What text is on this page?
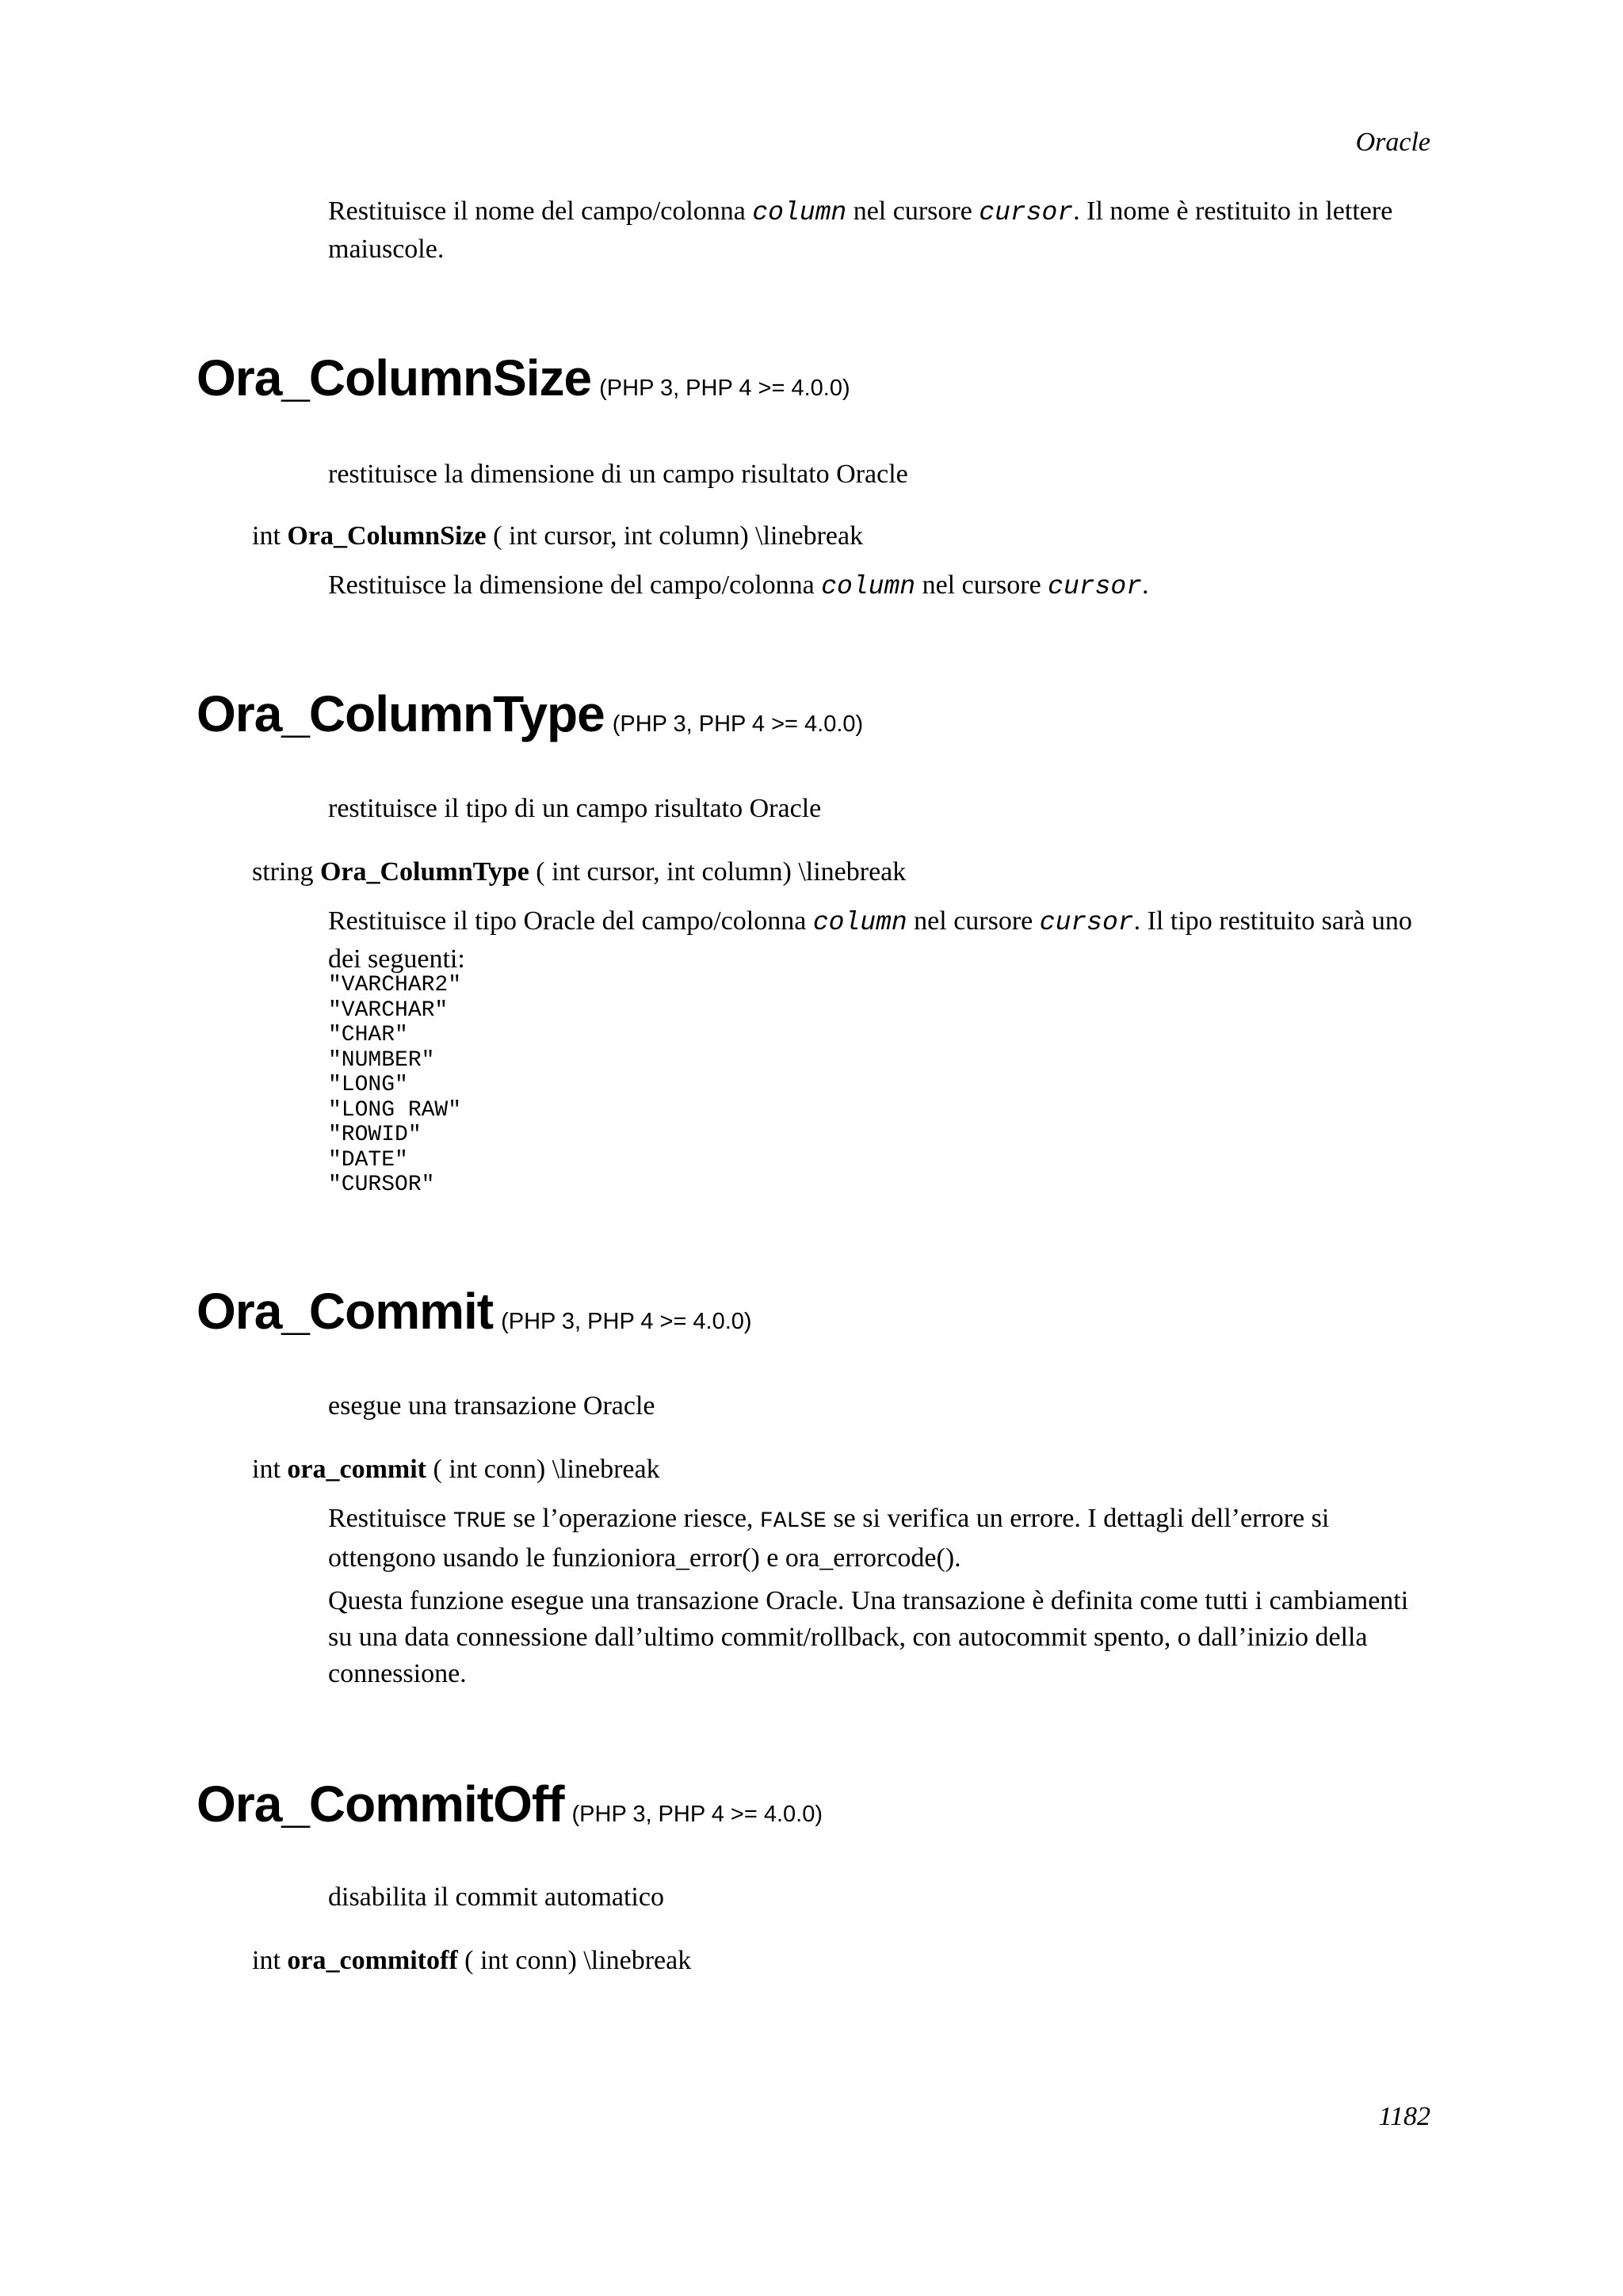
Oracle
Restituisce il nome del campo/colonna column nel cursore cursor. Il nome è restituito in lettere maiuscole.
Ora_ColumnSize (PHP 3, PHP 4 >= 4.0.0)
restituisce la dimensione di un campo risultato Oracle
int Ora_ColumnSize ( int cursor, int column) \linebreak
Restituisce la dimensione del campo/colonna column nel cursore cursor.
Ora_ColumnType (PHP 3, PHP 4 >= 4.0.0)
restituisce il tipo di un campo risultato Oracle
string Ora_ColumnType ( int cursor, int column) \linebreak
Restituisce il tipo Oracle del campo/colonna column nel cursore cursor. Il tipo restituito sarà uno dei seguenti:
"VARCHAR2"
"VARCHAR"
"CHAR"
"NUMBER"
"LONG"
"LONG RAW"
"ROWID"
"DATE"
"CURSOR"
Ora_Commit (PHP 3, PHP 4 >= 4.0.0)
esegue una transazione Oracle
int ora_commit ( int conn) \linebreak
Restituisce TRUE se l’operazione riesce, FALSE se si verifica un errore. I dettagli dell’errore si ottengono usando le funzioniora_error() e ora_errorcode().
Questa funzione esegue una transazione Oracle. Una transazione è definita come tutti i cambiamenti su una data connessione dall’ultimo commit/rollback, con autocommit spento, o dall’inizio della connessione.
Ora_CommitOff (PHP 3, PHP 4 >= 4.0.0)
disabilita il commit automatico
int ora_commitoff ( int conn) \linebreak
1182
